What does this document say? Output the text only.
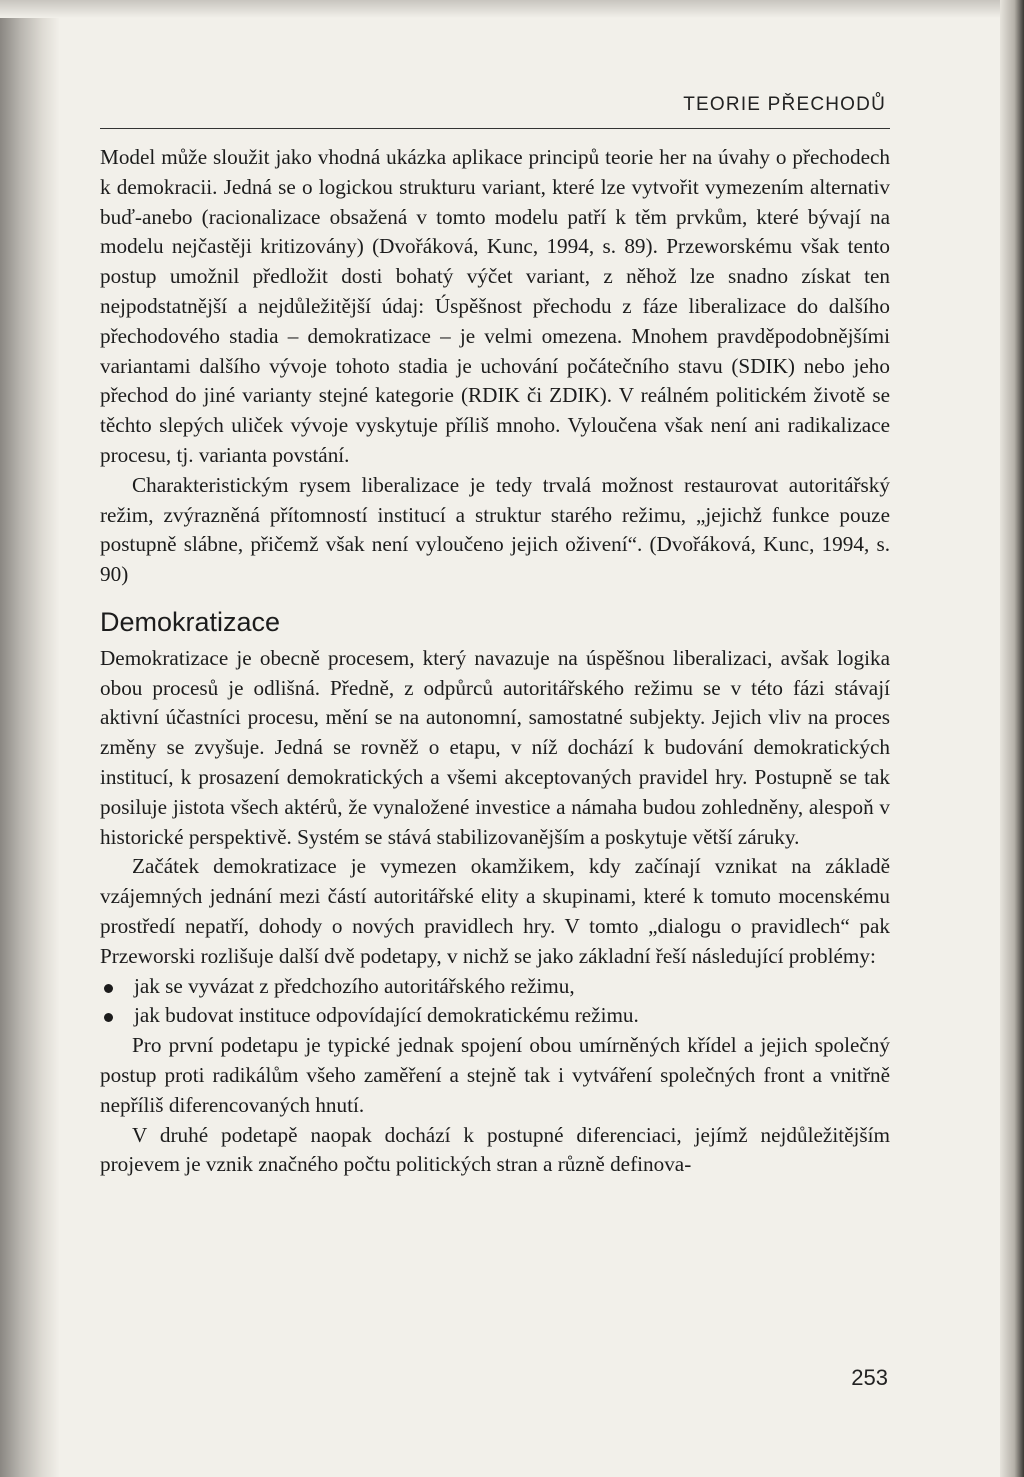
TEORIE PŘECHODŮ

Model může sloužit jako vhodná ukázka aplikace principů teorie her na úvahy o přechodech k demokracii. Jedná se o logickou strukturu variant, které lze vytvořit vymezením alternativ buď-anebo (racionalizace obsažená v tomto modelu patří k těm prvkům, které bývají na modelu nejčastěji kritizovány) (Dvořáková, Kunc, 1994, s. 89). Przeworskému však tento postup umožnil předložit dosti bohatý výčet variant, z něhož lze snadno získat ten nejpodstatnější a nejdůležitější údaj: Úspěšnost přechodu z fáze liberalizace do dalšího přechodového stadia – demokratizace – je velmi omezena. Mnohem pravděpodobnějšími variantami dalšího vývoje tohoto stadia je uchování počátečního stavu (SDIK) nebo jeho přechod do jiné varianty stejné kategorie (RDIK či ZDIK). V reálném politickém životě se těchto slepých uliček vývoje vyskytuje příliš mnoho. Vyloučena však není ani radikalizace procesu, tj. varianta povstání.

Charakteristickým rysem liberalizace je tedy trvalá možnost restaurovat autoritářský režim, zvýrazněná přítomností institucí a struktur starého režimu, „jejichž funkce pouze postupně slábne, přičemž však není vyloučeno jejich oživení“. (Dvořáková, Kunc, 1994, s. 90)

Demokratizace

Demokratizace je obecně procesem, který navazuje na úspěšnou liberalizaci, avšak logika obou procesů je odlišná. Předně, z odpůrců autoritářského režimu se v této fázi stávají aktivní účastníci procesu, mění se na autonomní, samostatné subjekty. Jejich vliv na proces změny se zvyšuje. Jedná se rovněž o etapu, v níž dochází k budování demokratických institucí, k prosazení demokratických a všemi akceptovaných pravidel hry. Postupně se tak posiluje jistota všech aktérů, že vynaložené investice a námaha budou zohledněny, alespoň v historické perspektivě. Systém se stává stabilizovanějším a poskytuje větší záruky.

Začátek demokratizace je vymezen okamžikem, kdy začínají vznikat na základě vzájemných jednání mezi částí autoritářské elity a skupinami, které k tomuto mocenskému prostředí nepatří, dohody o nových pravidlech hry. V tomto „dialogu o pravidlech“ pak Przeworski rozlišuje další dvě podetapy, v nichž se jako základní řeší následující problémy:

jak se vyvázat z předchozího autoritářského režimu,
jak budovat instituce odpovídající demokratickému režimu.

Pro první podetapu je typické jednak spojení obou umírněných křídel a jejich společný postup proti radikálům všeho zaměření a stejně tak i vytváření společných front a vnitřně nepříliš diferencovaných hnutí.

V druhé podetapě naopak dochází k postupné diferenciaci, jejímž nejdůležitějším projevem je vznik značného počtu politických stran a různě definova-

253
